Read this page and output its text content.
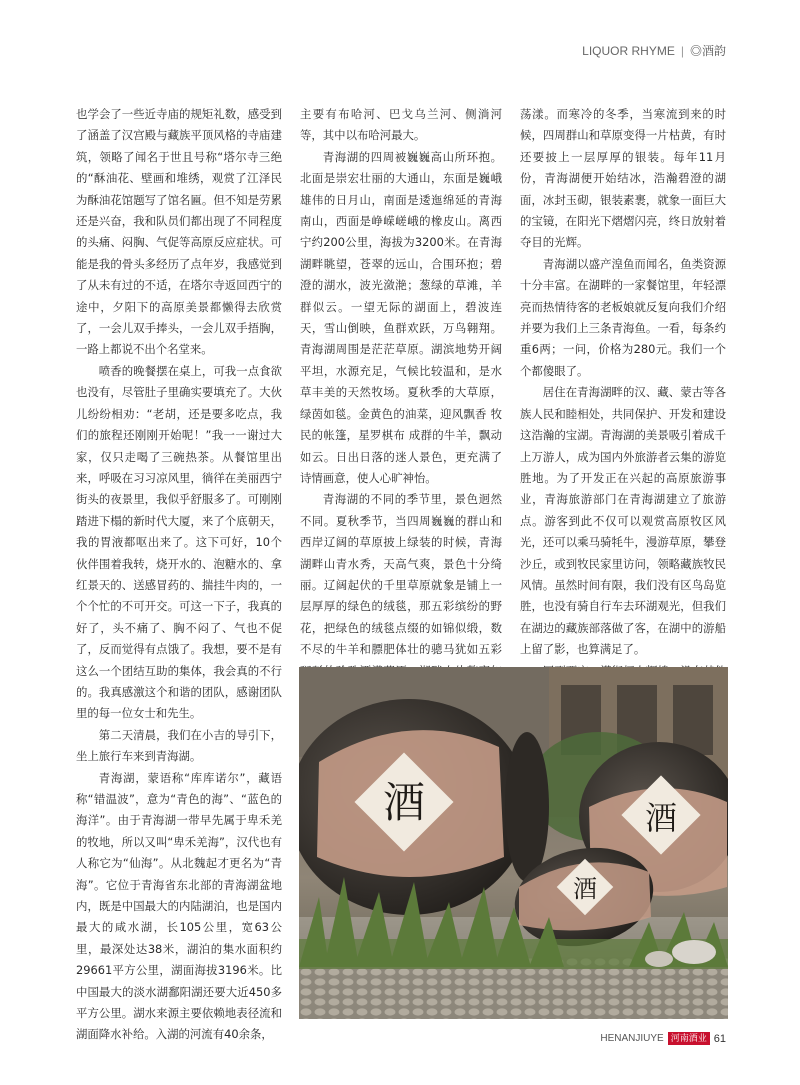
LIQUOR RHYME | ◎酒韵

也学会了一些近寺庙的规矩礼数，感受到了涵盖了汉宫殿与藏族平顶风格的寺庙建筑，领略了闻名于世且号称“塔尔寺三绝的“酥油花、壁画和堆绣，观赏了江泽民为酥油花馆题写了馆名匾。但不知是劳累还是兴奋，我和队员们都出现了不同程度的头痛、闷胸、气促等高原反应症状。可能是我的骨头多经历了点年岁，我感觉到了从未有过的不适，在塔尔寺返回西宁的途中，夕阳下的高原美景都懒得去欣赏了，一会儿双手捧头，一会儿双手捂胸，一路上都说不出个名堂来。

喷香的晚餐摆在桌上，可我一点食欲也没有，尽管肚子里确实要填充了。大伙儿纷纷相劝：“老胡，还是要多吃点，我们的旅程还刚刚开始呢！”我一一谢过大家，仅只走喝了三碗热茶。从餐馆里出来，呼吸在习习凉风里，徜徉在美丽西宁街头的夜景里，我似乎舒服多了。可刚刚踏进下榻的新时代大厦，来了个底朝天，我的胃液都呕出来了。这下可好，10个伙伴围着我转，烧开水的、泡糖水的、拿红景天的、送感冒药的、揣挂牛肉的，一个个忙的不可开交。可这一下子，我真的好了，头不痛了、胸不闷了、气也不促了，反而觉得有点饿了。我想，要不是有这么一个团结互助的集体，我会真的不行的。我真感激这个和谐的团队，感谢团队里的每一位女士和先生。

第二天清晨，我们在小吉的导引下，坐上旅行车来到青海湖。

青海湖，蒙语称“库库诺尔”，藏语称“错温波”，意为“青色的海”、“蓝色的海洋”。由于青海湖一带早先属于卑禾羌的牧地，所以又叫“卑禾羌海”，汉代也有人称它为“仙海”。从北魏起才更名为“青海”。它位于青海省东北部的青海湖盆地内，既是中国最大的内陆湖泊，也是国内最大的咸水湖，长105公里，宽63公里，最深处达38米，湖泊的集水面积约29661平方公里，湖面海拔3196米。比中国最大的淡水湖鄱阳湖还要大近450多平方公里。湖水来源主要依赖地表径流和湖面降水补给。入湖的河流有40余条，

主要有布哈河、巴戈乌兰河、侧淌河等，其中以布哈河最大。

青海湖的四周被巍巍高山所环抱。北面是崇宏壮丽的大通山，东面是巍峨雄伟的日月山，南面是逶迤绵延的青海南山，西面是峥嵘嵯峨的橡皮山。离西宁约200公里，海拔为3200米。在青海湖畔眺望，苍翠的远山，合围环抱；碧澄的湖水，波光潋滟；葱绿的草滩，羊群似云。一望无际的湖面上，碧波连天，雪山倒映，鱼群欢跃，万鸟翱翔。青海湖周围是茫茫草原。湖滨地势开阔平坦，水源充足，气候比较温和，是水草丰美的天然牧场。夏秋季的大草原，绿茵如毯。金黄色的油菜，迎风飘香 牧民的帐篷，星罗棋布 成群的牛羊，飘动如云。日出日落的迷人景色，更充满了诗情画意，使人心旷神怡。

青海湖的不同的季节里，景色迥然不同。夏秋季节，当四周巍巍的群山和西岸辽阔的草原披上绿装的时候，青海湖畔山青水秀，天高气爽，景色十分绮丽。辽阔起伏的千里草原就象是铺上一层厚厚的绿色的绒毯，那五彩缤纷的野花，把绿色的绒毯点缀的如锦似缎，数不尽的牛羊和膘肥体壮的骢马犹如五彩

荡漾。而寒冷的冬季，当寒流到来的时候，四周群山和草原变得一片枯黄，有时还要披上一层厚厚的银装。每年11月份，青海湖便开始结冰，浩瀚碧澄的湖面，冰封玉砌，银装素裹，就象一面巨大的宝镜，在阳光下熠熠闪亮，终日放射着夺目的光辉。

青海湖以盛产湟鱼而闻名，鱼类资源十分丰富。在湖畔的一家餐馆里，年轻漂亮而热情待客的老板娘就反复向我们介绍并要为我们上三条青海鱼。一看，每条约重6两；一问，价格为280元。我们一个个都傻眼了。

居住在青海湖畔的汉、藏、蒙古等各族人民和睦相处，共同保护、开发和建设这浩瀚的宝湖。青海湖的美景吸引着成千上万游人，成为国内外旅游者云集的游览胜地。为了开发正在兴起的高原旅游事业，青海旅游部门在青海湖建立了旅游点。游客到此不仅可以观赏高原牧区风光，还可以乘马骑牦牛，漫游草原，攀登沙丘，或到牧民家里访问，领略藏族牧民风情。虽然时间有限，我们没有区鸟岛览胜，也没有骑自行车去环湖观光，但我们在湖边的藏族部落做了客，在湖中的游船上留了影，也算满足了。

酒	酒
酒
HENANJIUYE 河南酒业 61
